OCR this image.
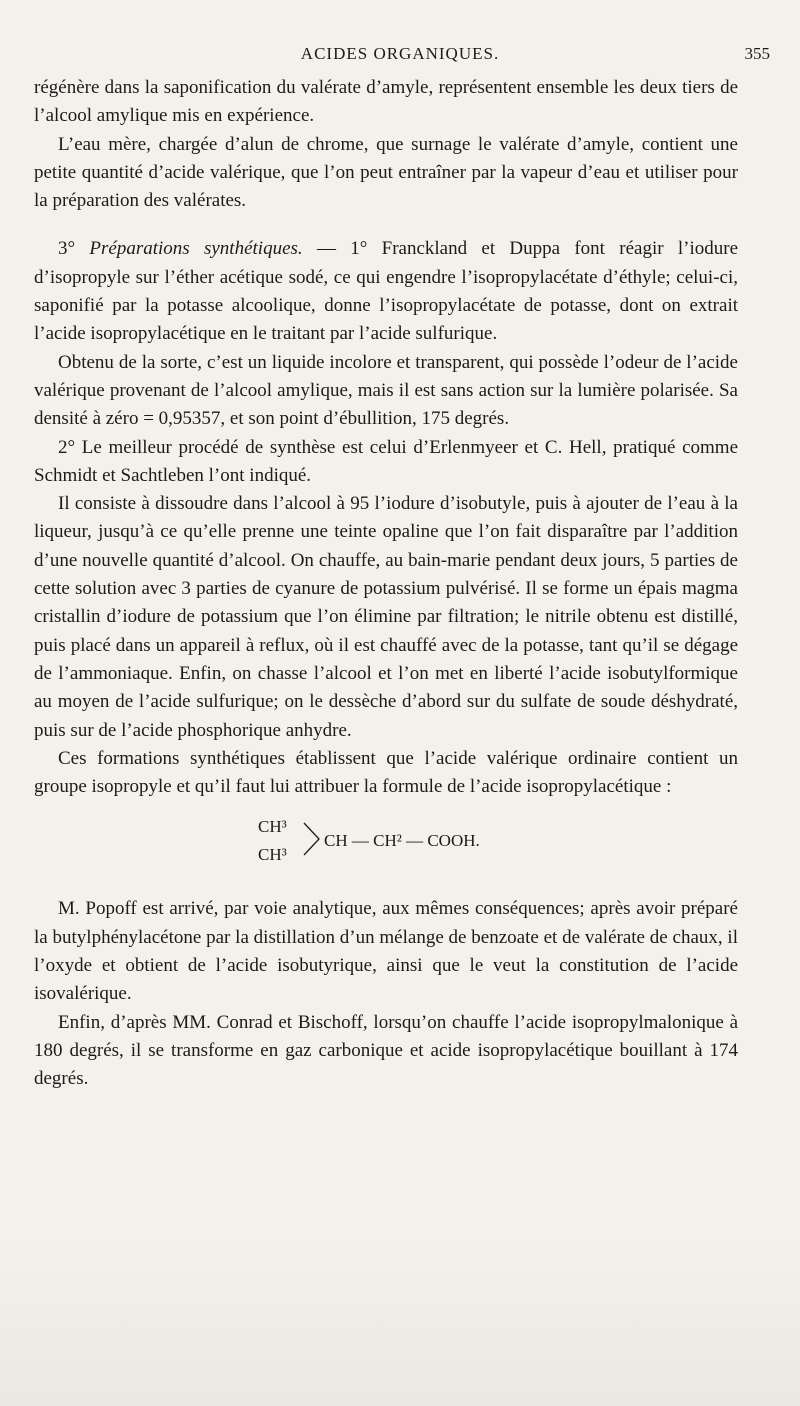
ACIDES ORGANIQUES.	355

régénère dans la saponification du valérate d’amyle, représentent ensemble les deux tiers de l’alcool amylique mis en expérience.

L’eau mère, chargée d’alun de chrome, que surnage le valérate d’amyle, contient une petite quantité d’acide valérique, que l’on peut entraîner par la vapeur d’eau et utiliser pour la préparation des valérates.

3° Préparations synthétiques. — 1° Franckland et Duppa font réagir l’iodure d’isopropyle sur l’éther acétique sodé, ce qui engendre l’isopropylacétate d’éthyle; celui-ci, saponifié par la potasse alcoolique, donne l’isopropylacétate de potasse, dont on extrait l’acide isopropylacétique en le traitant par l’acide sulfurique.

Obtenu de la sorte, c’est un liquide incolore et transparent, qui possède l’odeur de l’acide valérique provenant de l’alcool amylique, mais il est sans action sur la lumière polarisée. Sa densité à zéro = 0,95357, et son point d’ébullition, 175 degrés.

2° Le meilleur procédé de synthèse est celui d’Erlenmyeer et C. Hell, pratiqué comme Schmidt et Sachtleben l’ont indiqué.

Il consiste à dissoudre dans l’alcool à 95 l’iodure d’isobutyle, puis à ajouter de l’eau à la liqueur, jusqu’à ce qu’elle prenne une teinte opaline que l’on fait disparaître par l’addition d’une nouvelle quantité d’alcool. On chauffe, au bain-marie pendant deux jours, 5 parties de cette solution avec 3 parties de cyanure de potassium pulvérisé. Il se forme un épais magma cristallin d’iodure de potassium que l’on élimine par filtration; le nitrile obtenu est distillé, puis placé dans un appareil à reflux, où il est chauffé avec de la potasse, tant qu’il se dégage de l’ammoniaque. Enfin, on chasse l’alcool et l’on met en liberté l’acide isobutylformique au moyen de l’acide sulfurique; on le dessèche d’abord sur du sulfate de soude déshydraté, puis sur de l’acide phosphorique anhydre.

Ces formations synthétiques établissent que l’acide valérique ordinaire contient un groupe isopropyle et qu’il faut lui attribuer la formule de l’acide isopropylacétique :

CH³
CH³
CH — CH² — COOH.

M. Popoff est arrivé, par voie analytique, aux mêmes conséquences; après avoir préparé la butylphénylacétone par la distillation d’un mélange de benzoate et de valérate de chaux, il l’oxyde et obtient de l’acide isobutyrique, ainsi que le veut la constitution de l’acide isovalérique.

Enfin, d’après MM. Conrad et Bischoff, lorsqu’on chauffe l’acide isopropylmalonique à 180 degrés, il se transforme en gaz carbonique et acide isopropylacétique bouillant à 174 degrés.
